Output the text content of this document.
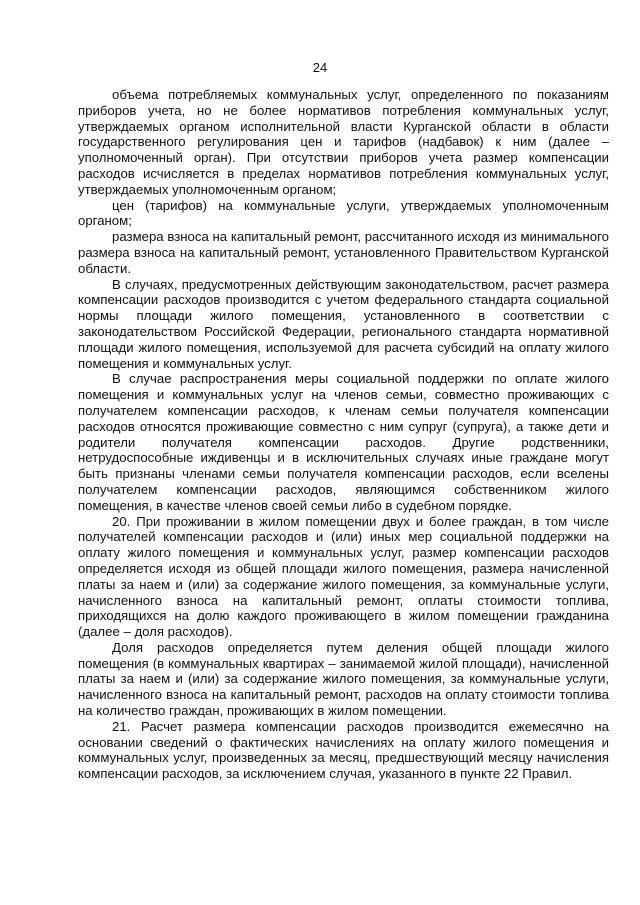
24

объема потребляемых коммунальных услуг, определенного по показаниям приборов учета, но не более нормативов потребления коммунальных услуг, утверждаемых органом исполнительной власти Курганской области в области государственного регулирования цен и тарифов (надбавок) к ним (далее – уполномоченный орган). При отсутствии приборов учета размер компенсации расходов исчисляется в пределах нормативов потребления коммунальных услуг, утверждаемых уполномоченным органом;

цен (тарифов) на коммунальные услуги, утверждаемых уполномоченным органом;

размера взноса на капитальный ремонт, рассчитанного исходя из минимального размера взноса на капитальный ремонт, установленного Правительством Курганской области.

В случаях, предусмотренных действующим законодательством, расчет размера компенсации расходов производится с учетом федерального стандарта социальной нормы площади жилого помещения, установленного в соответствии с законодательством Российской Федерации, регионального стандарта нормативной площади жилого помещения, используемой для расчета субсидий на оплату жилого помещения и коммунальных услуг.

В случае распространения меры социальной поддержки по оплате жилого помещения и коммунальных услуг на членов семьи, совместно проживающих с получателем компенсации расходов, к членам семьи получателя компенсации расходов относятся проживающие совместно с ним супруг (супруга), а также дети и родители получателя компенсации расходов. Другие родственники, нетрудоспособные иждивенцы и в исключительных случаях иные граждане могут быть признаны членами семьи получателя компенсации расходов, если вселены получателем компенсации расходов, являющимся собственником жилого помещения, в качестве членов своей семьи либо в судебном порядке.

20. При проживании в жилом помещении двух и более граждан, в том числе получателей компенсации расходов и (или) иных мер социальной поддержки на оплату жилого помещения и коммунальных услуг, размер компенсации расходов определяется исходя из общей площади жилого помещения, размера начисленной платы за наем и (или) за содержание жилого помещения, за коммунальные услуги, начисленного взноса на капитальный ремонт, оплаты стоимости топлива, приходящихся на долю каждого проживающего в жилом помещении гражданина (далее – доля расходов).

Доля расходов определяется путем деления общей площади жилого помещения (в коммунальных квартирах – занимаемой жилой площади), начисленной платы за наем и (или) за содержание жилого помещения, за коммунальные услуги, начисленного взноса на капитальный ремонт, расходов на оплату стоимости топлива на количество граждан, проживающих в жилом помещении.

21. Расчет размера компенсации расходов производится ежемесячно на основании сведений о фактических начислениях на оплату жилого помещения и коммунальных услуг, произведенных за месяц, предшествующий месяцу начисления компенсации расходов, за исключением случая, указанного в пункте 22 Правил.
